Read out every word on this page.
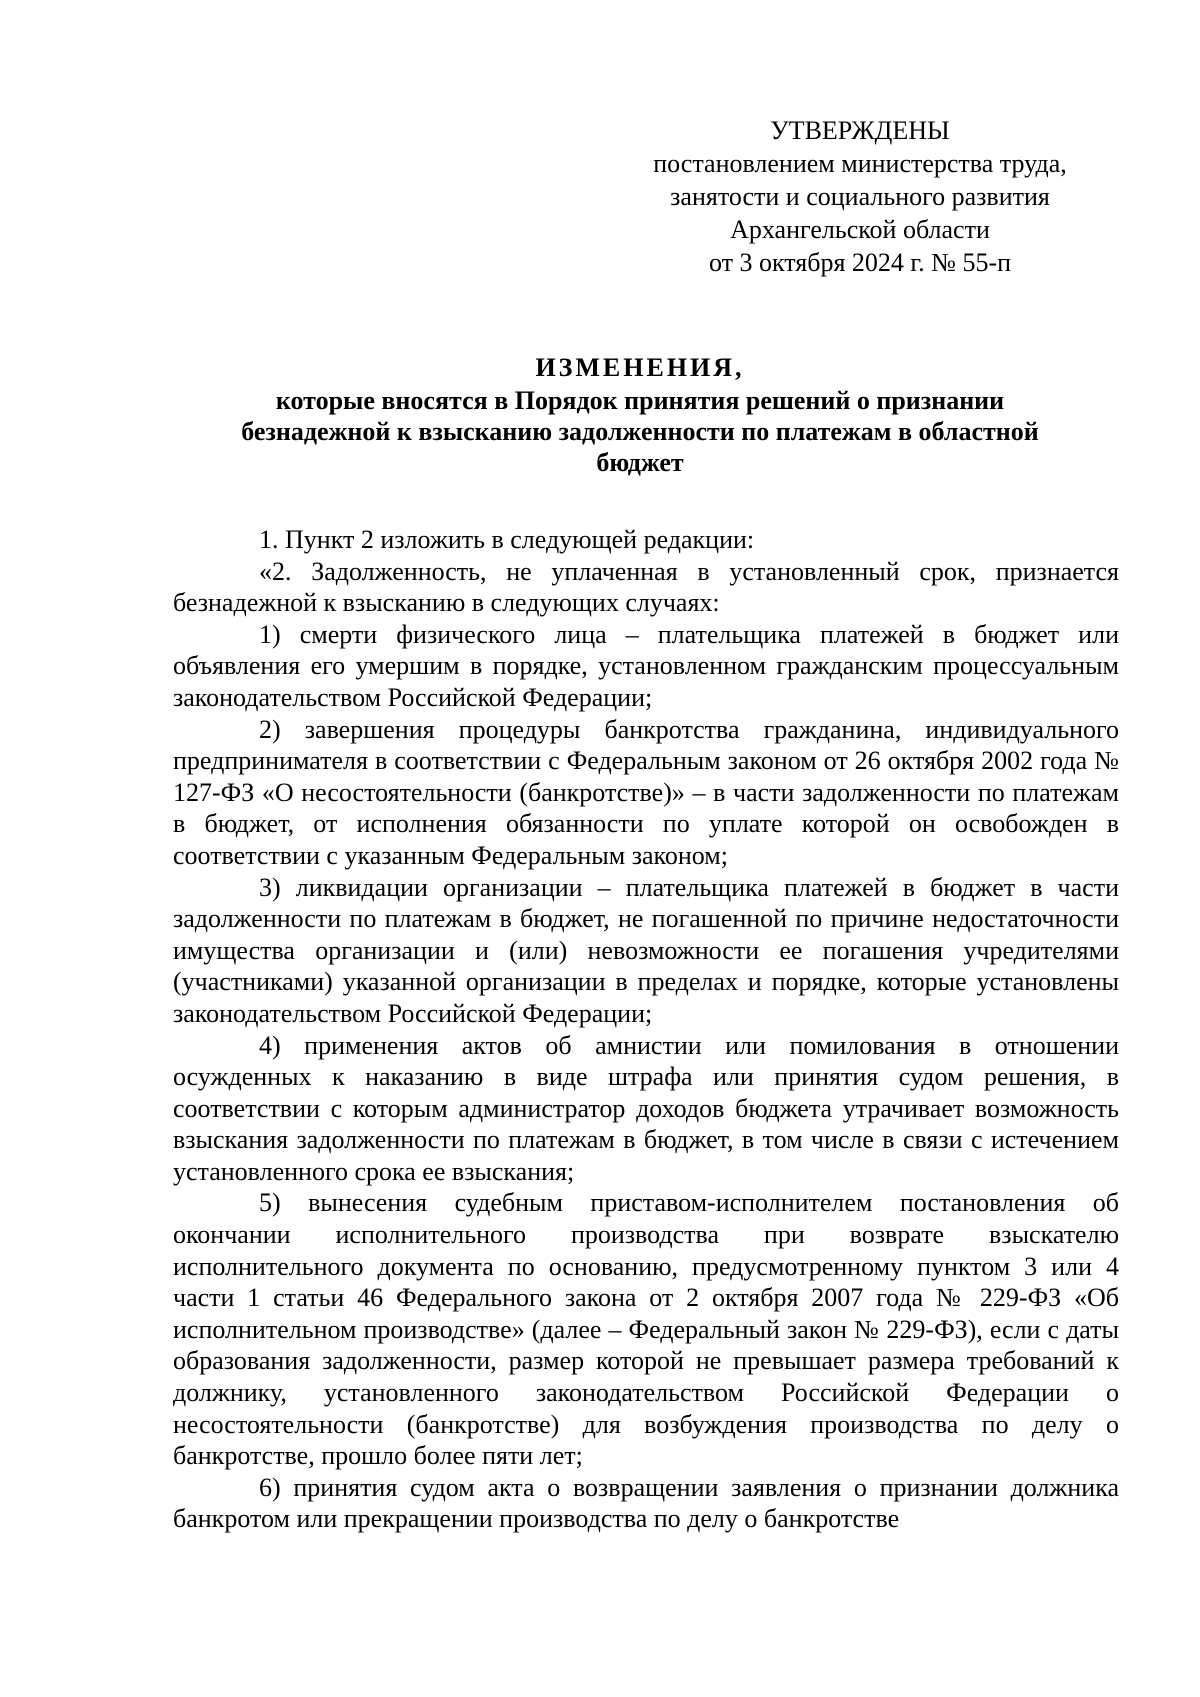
УТВЕРЖДЕНЫ
постановлением министерства труда,
занятости и социального развития
Архангельской области
от 3 октября 2024 г. № 55-п
ИЗМЕНЕНИЯ,
которые вносятся в Порядок принятия решений о признании
безнадежной к взысканию задолженности по платежам в областной
бюджет

1. Пункт 2 изложить в следующей редакции:

«2. Задолженность, не уплаченная в установленный срок, признается безнадежной к взысканию в следующих случаях:

1) смерти физического лица – плательщика платежей в бюджет или объявления его умершим в порядке, установленном гражданским процессуальным законодательством Российской Федерации;

2) завершения процедуры банкротства гражданина, индивидуального предпринимателя в соответствии с Федеральным законом от 26 октября 2002 года № 127-ФЗ «О несостоятельности (банкротстве)» – в части задолженности по платежам в бюджет, от исполнения обязанности по уплате которой он освобожден в соответствии с указанным Федеральным законом;

3) ликвидации организации – плательщика платежей в бюджет в части задолженности по платежам в бюджет, не погашенной по причине недостаточности имущества организации и (или) невозможности ее погашения учредителями (участниками) указанной организации в пределах и порядке, которые установлены законодательством Российской Федерации;

4) применения актов об амнистии или помилования в отношении осужденных к наказанию в виде штрафа или принятия судом решения, в соответствии с которым администратор доходов бюджета утрачивает возможность взыскания задолженности по платежам в бюджет, в том числе в связи с истечением установленного срока ее взыскания;

5) вынесения судебным приставом-исполнителем постановления об окончании исполнительного производства при возврате взыскателю исполнительного документа по основанию, предусмотренному пунктом 3 или 4 части 1 статьи 46 Федерального закона от 2 октября 2007 года № 229-ФЗ «Об исполнительном производстве» (далее – Федеральный закон № 229-ФЗ), если с даты образования задолженности, размер которой не превышает размера требований к должнику, установленного законодательством Российской Федерации о несостоятельности (банкротстве) для возбуждения производства по делу о банкротстве, прошло более пяти лет;

6) принятия судом акта о возвращении заявления о признании должника банкротом или прекращении производства по делу о банкротстве
